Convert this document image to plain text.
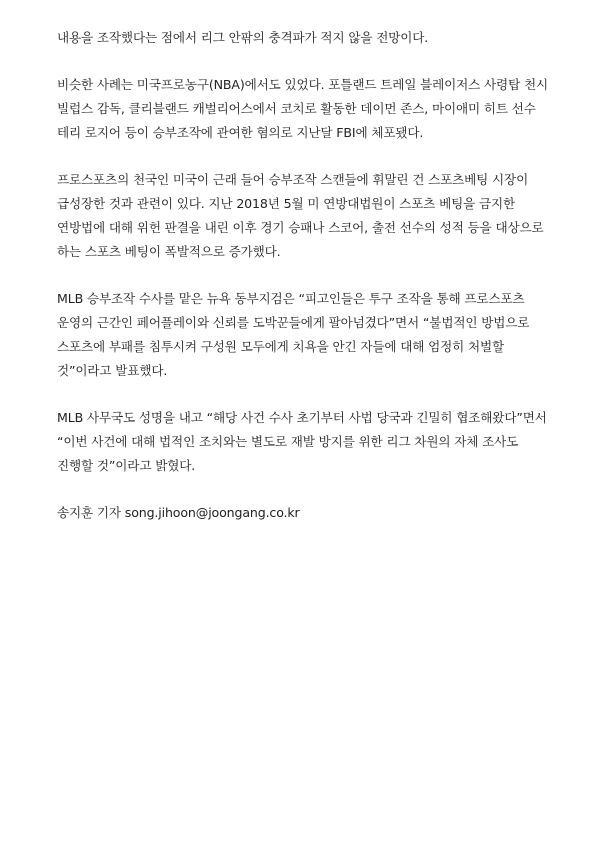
내용을 조작했다는 점에서 리그 안팎의 충격파가 적지 않을 전망이다.
비슷한 사례는 미국프로농구(NBA)에서도 있었다. 포틀랜드 트레일 블레이저스 사령탑 천시
빌럽스 감독, 클리블랜드 캐벌리어스에서 코치로 활동한 데이먼 존스, 마이애미 히트 선수
테리 로지어 등이 승부조작에 관여한 혐의로 지난달 FBI에 체포됐다.
프로스포츠의 천국인 미국이 근래 들어 승부조작 스캔들에 휘말린 건 스포츠베팅 시장이
급성장한 것과 관련이 있다. 지난 2018년 5월 미 연방대법원이 스포츠 베팅을 금지한
연방법에 대해 위헌 판결을 내린 이후 경기 승패나 스코어, 출전 선수의 성적 등을 대상으로
하는 스포츠 베팅이 폭발적으로 증가했다.
MLB 승부조작 수사를 맡은 뉴욕 동부지검은 “피고인들은 투구 조작을 통해 프로스포츠
운영의 근간인 페어플레이와 신뢰를 도박꾼들에게 팔아넘겼다”면서 “불법적인 방법으로
스포츠에 부패를 침투시켜 구성원 모두에게 치욕을 안긴 자들에 대해 엄정히 처벌할
것”이라고 발표했다.
MLB 사무국도 성명을 내고 “해당 사건 수사 초기부터 사법 당국과 긴밀히 협조해왔다”면서
“이번 사건에 대해 법적인 조치와는 별도로 재발 방지를 위한 리그 차원의 자체 조사도
진행할 것”이라고 밝혔다.
송지훈 기자 song.jihoon@joongang.co.kr
